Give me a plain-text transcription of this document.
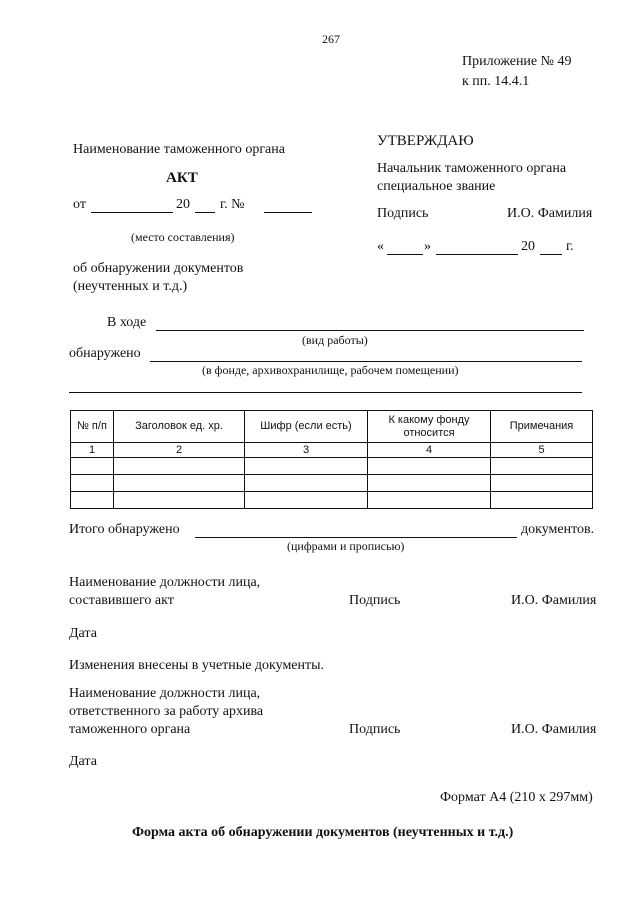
267
Приложение № 49
к пп. 14.4.1
УТВЕРЖДАЮ
Начальник таможенного органа
специальное звание
Подпись	И.О. Фамилия
«	»	20 г.
Наименование таможенного органа
АКТ
от	20 г. №
(место составления)
об обнаружении документов
(неучтенных и т.д.)
В ходе
(вид работы)
обнаружено
(в фонде, архивохранилище, рабочем помещении)
№ п/п	Заголовок ед. хр.	Шифр (если есть)	К какому фонду относится	Примечания
1	2	3	4	5

Итого обнаружено	документов.
(цифрами и прописью)
Наименование должности лица,
составившего акт	Подпись	И.О. Фамилия
Дата
Изменения внесены в учетные документы.
Наименование должности лица,
ответственного за работу архива
таможенного органа	Подпись	И.О. Фамилия
Дата
Формат А4 (210 х 297мм)
Форма акта об обнаружении документов (неучтенных и т.д.)
